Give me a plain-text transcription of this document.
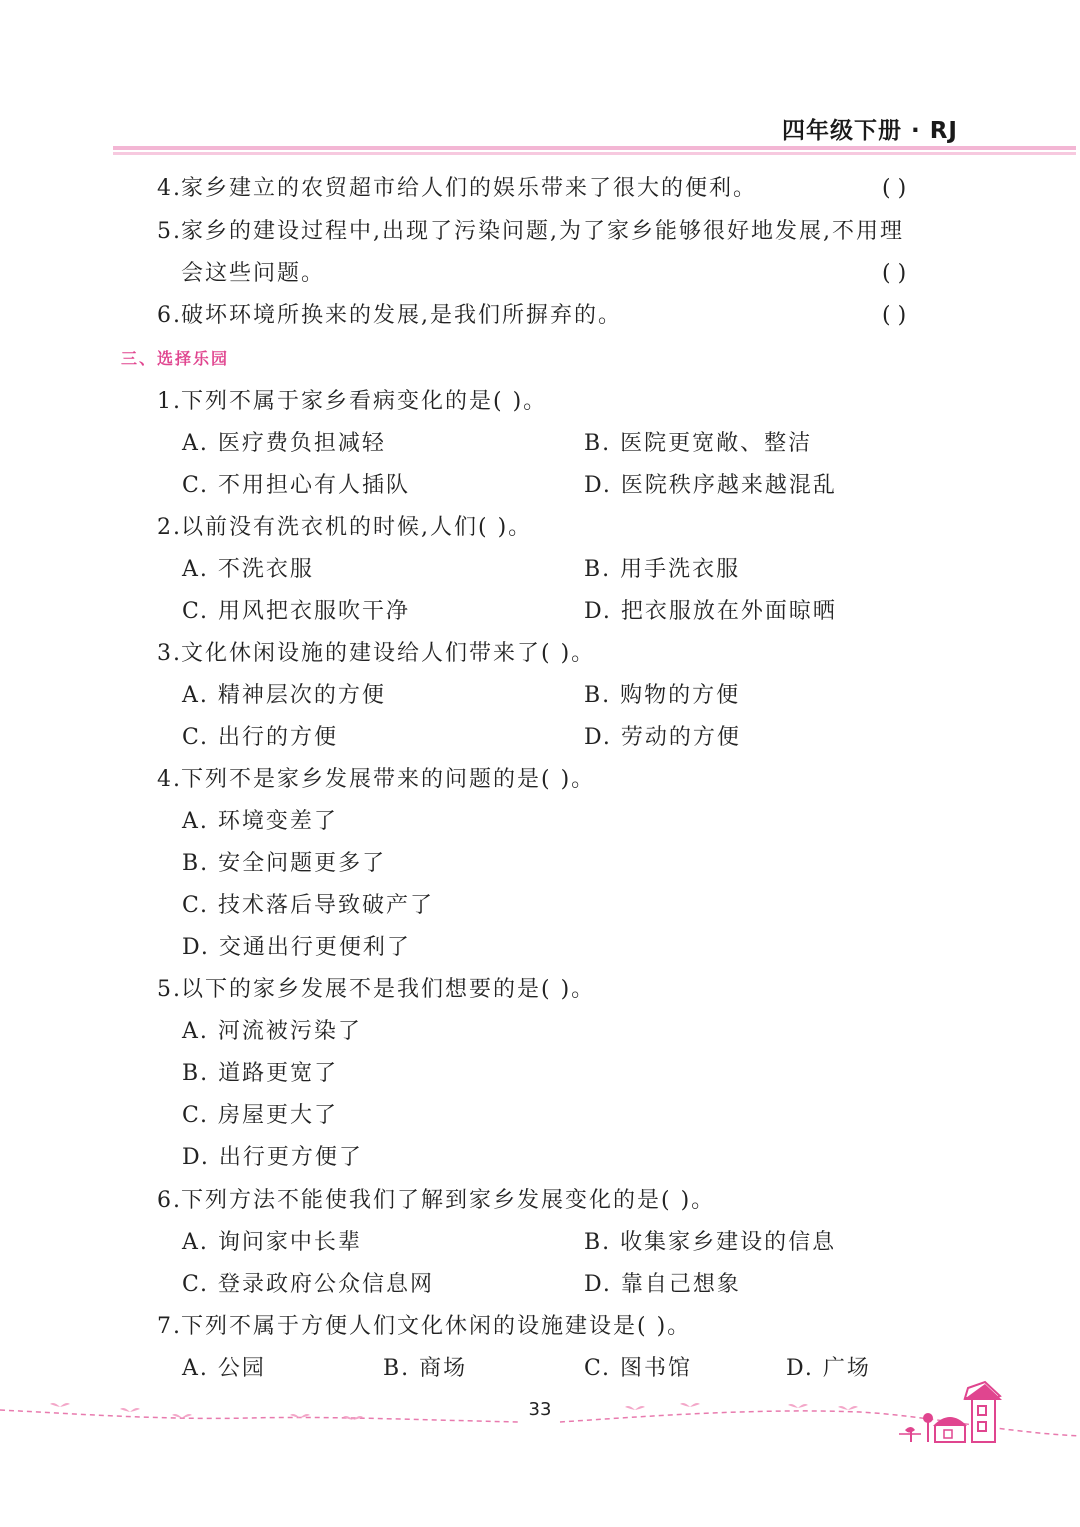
四年级下册 · RJ
4. 家乡建立的农贸超市给人们的娱乐带来了很大的便利。	( )
5. 家乡的建设过程中,出现了污染问题,为了家乡能够很好地发展,不用理
会这些问题。	( )
6. 破坏环境所换来的发展,是我们所摒弃的。	( )
三、选择乐园
1. 下列不属于家乡看病变化的是( )。
A. 医疗费负担减轻	B. 医院更宽敞、整洁
C. 不用担心有人插队	D. 医院秩序越来越混乱
2. 以前没有洗衣机的时候,人们( )。
A. 不洗衣服	B. 用手洗衣服
C. 用风把衣服吹干净	D. 把衣服放在外面晾晒
3. 文化休闲设施的建设给人们带来了( )。
A. 精神层次的方便	B. 购物的方便
C. 出行的方便	D. 劳动的方便
4. 下列不是家乡发展带来的问题的是( )。
A. 环境变差了
B. 安全问题更多了
C. 技术落后导致破产了
D. 交通出行更便利了
5. 以下的家乡发展不是我们想要的是( )。
A. 河流被污染了
B. 道路更宽了
C. 房屋更大了
D. 出行更方便了
6. 下列方法不能使我们了解到家乡发展变化的是( )。
A. 询问家中长辈	B. 收集家乡建设的信息
C. 登录政府公众信息网	D. 靠自己想象
7. 下列不属于方便人们文化休闲的设施建设是( )。
A. 公园	B. 商场	C. 图书馆	D. 广场
33
